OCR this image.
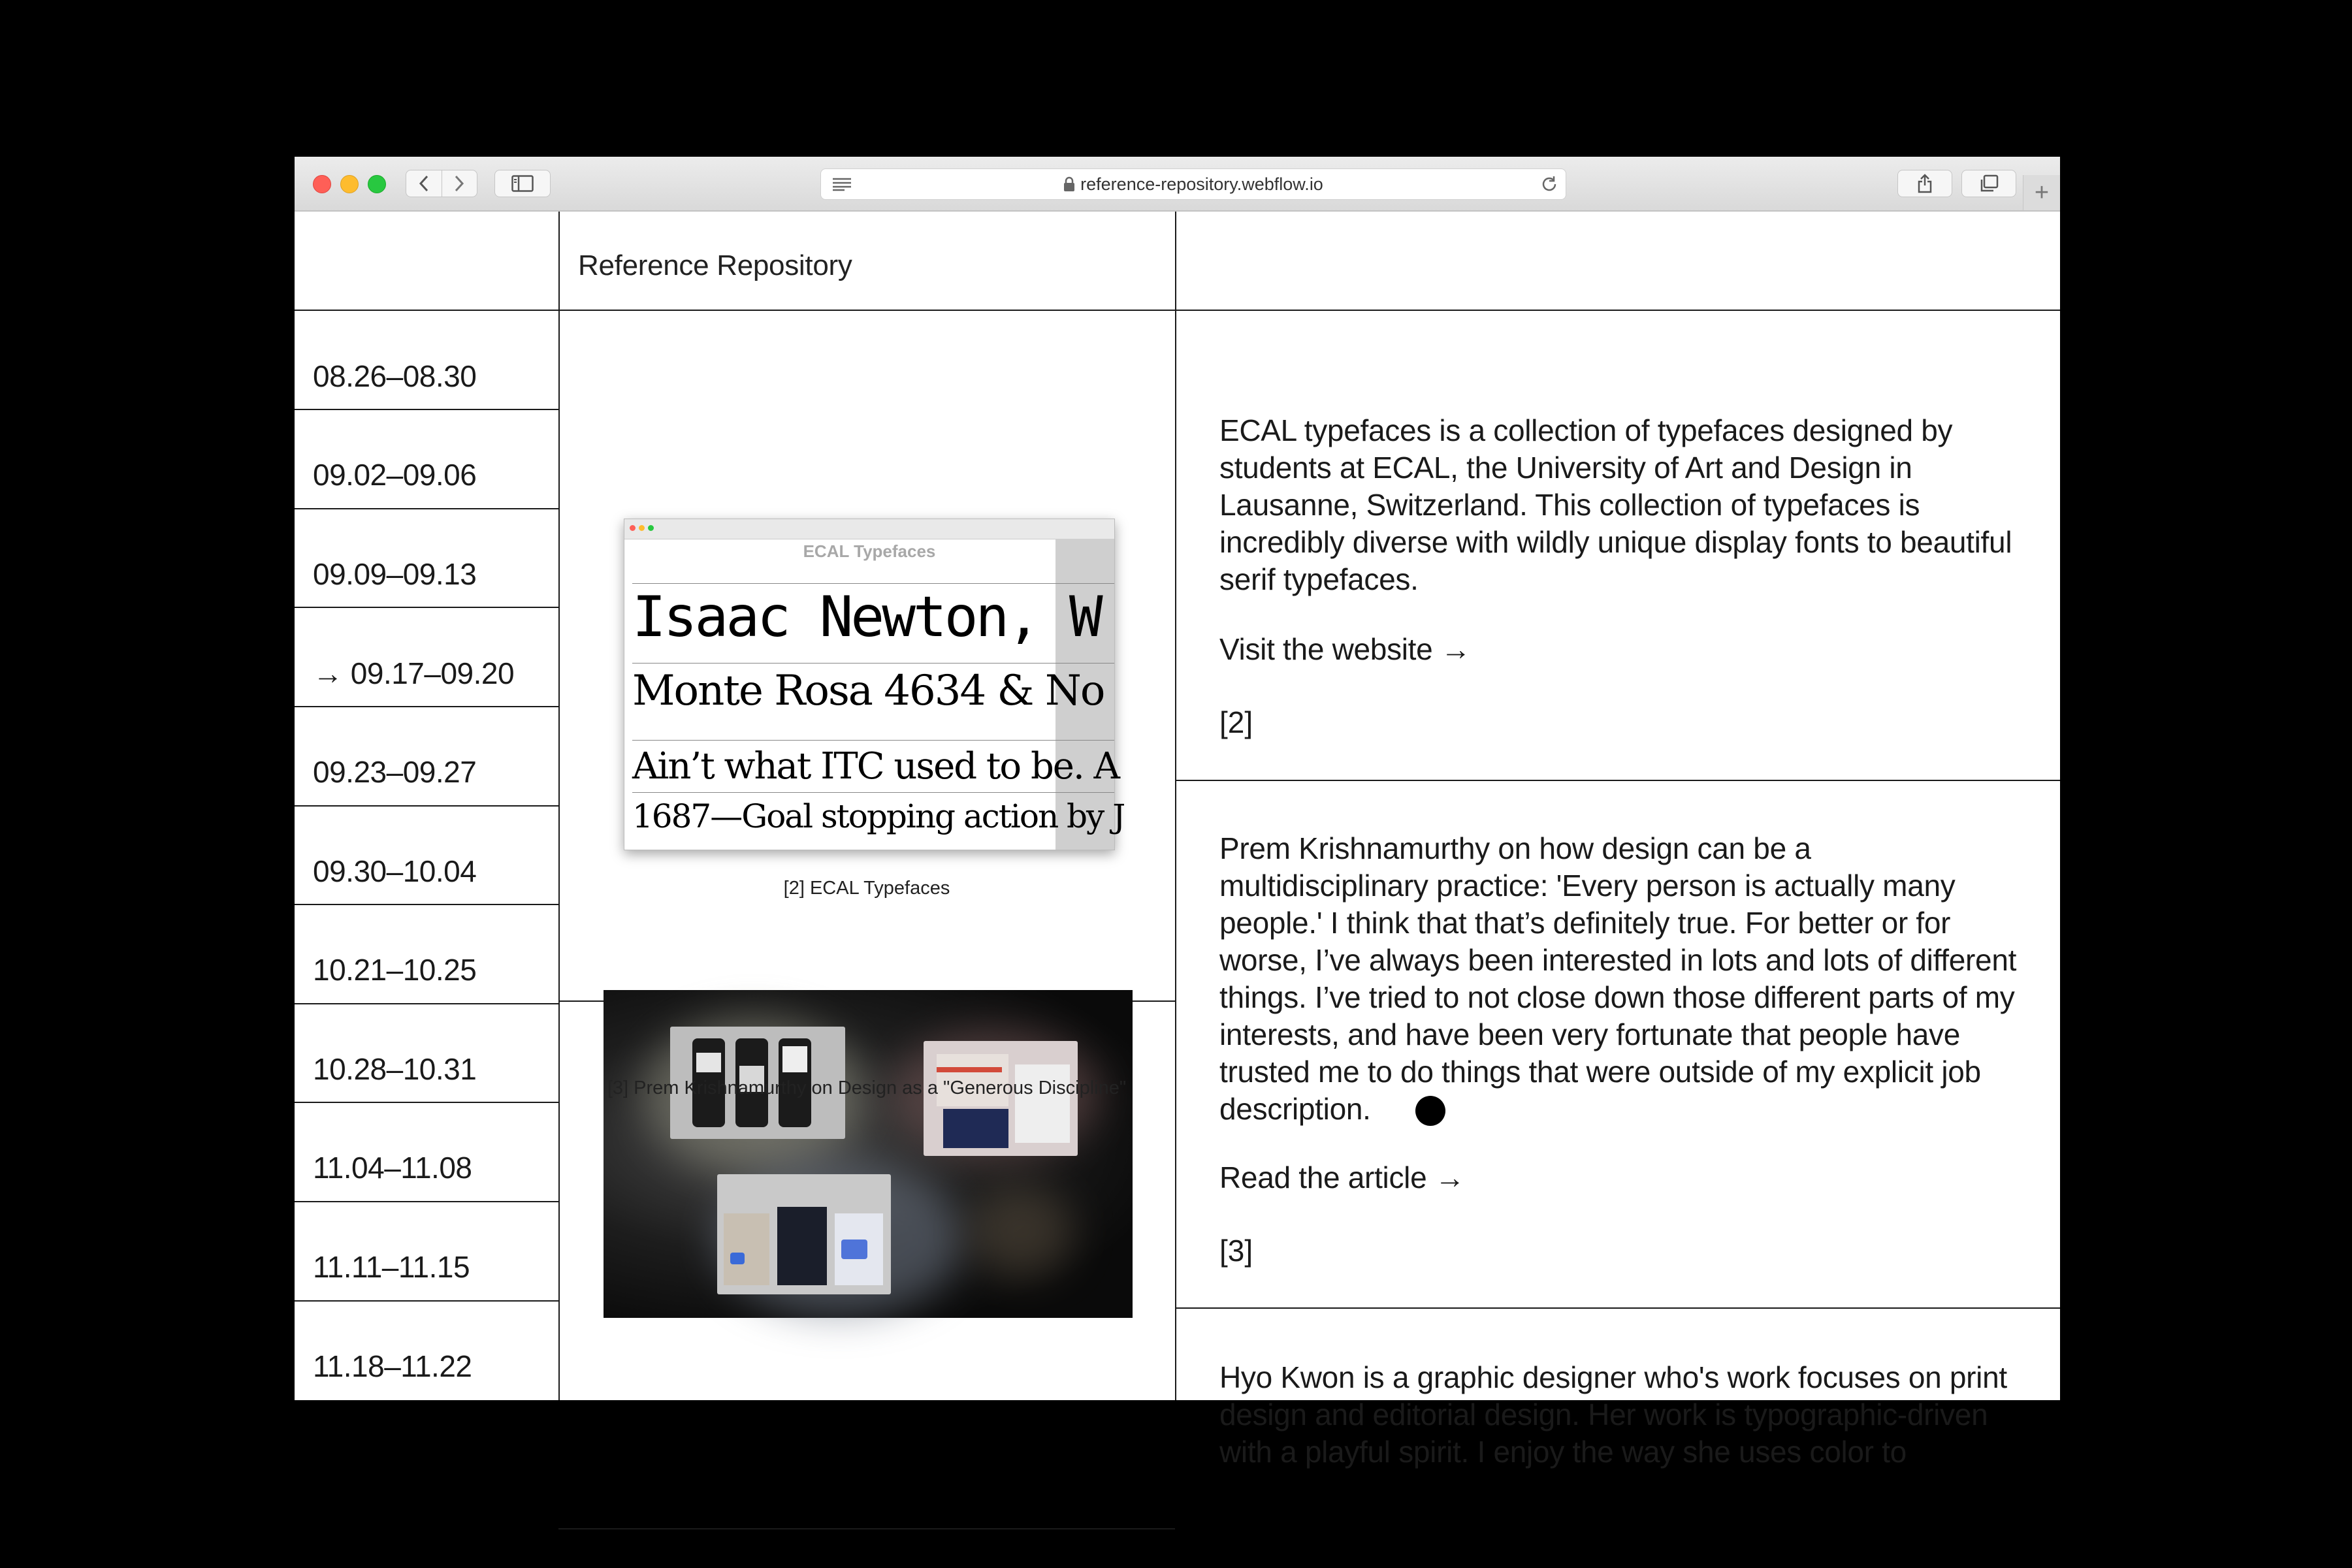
reference-repository.webflow.io	+
Reference Repository
08.26–08.30
09.02–09.06
09.09–09.13
→ 09.17–09.20
09.23–09.27
09.30–10.04
10.21–10.25
10.28–10.31
11.04–11.08
11.11–11.15
11.18–11.22
ECAL Typefaces
Isaac Newton, W
Monte Rosa 4634 & No
Ain’t what ITC used to be. A
1687—Goal stopping action by J
[2] ECAL Typefaces
[3] Prem Krishnamurthy on Design as a "Generous Discipline"
ECAL typefaces is a collection of typefaces designed by students at ECAL, the University of Art and Design in Lausanne, Switzerland. This collection of typefaces is incredibly diverse with wildly unique display fonts to beautiful serif typefaces.
Visit the website →
[2]
Prem Krishnamurthy on how design can be a multidisciplinary practice: 'Every person is actually many people.' I think that that’s definitely true. For better or for worse, I’ve always been interested in lots and lots of different things. I’ve tried to not close down those different parts of my interests, and have been very fortunate that people have trusted me to do things that were outside of my explicit job description.
Read the article →
[3]
Hyo Kwon is a graphic designer who's work focuses on print design and editorial design. Her work is typographic-driven with a playful spirit. I enjoy the way she uses color to
